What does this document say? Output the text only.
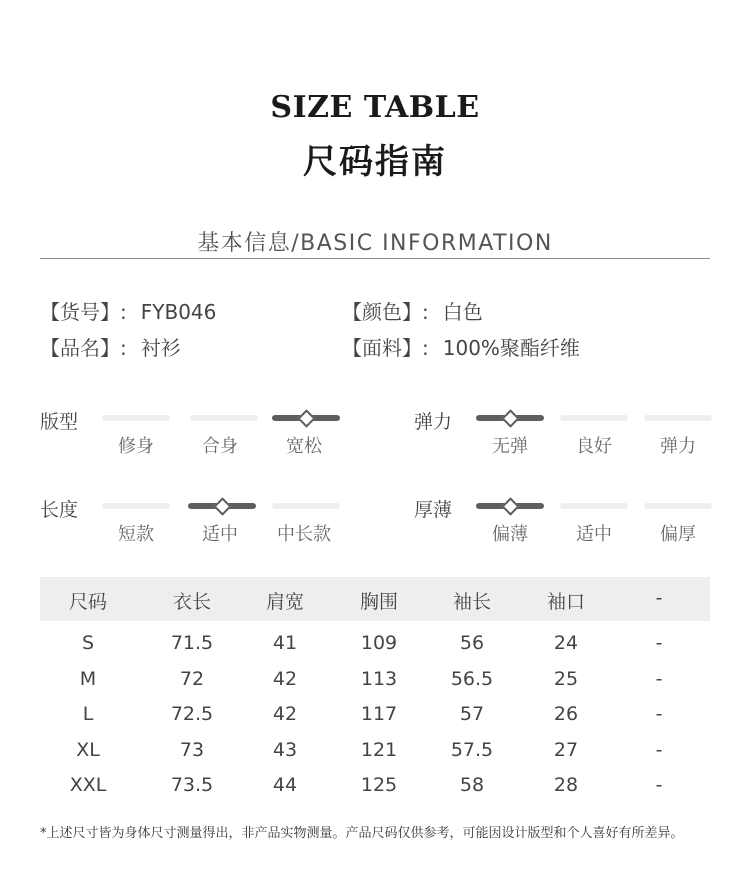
SIZE TABLE
尺码指南
基本信息/BASIC INFORMATION
【货号】: FYB046	【颜色】: 白色
【品名】: 衬衫	【面料】: 100%聚酯纤维
版型
修身	合身	宽松
弹力
无弹	良好	弹力
长度
短款	适中	中长款
厚薄
偏薄	适中	偏厚
尺码	衣长	肩宽	胸围	袖长	袖口	-
S	71.5	41	109	56	24	-
M	72	42	113	56.5	25	-
L	72.5	42	117	57	26	-
XL	73	43	121	57.5	27	-
XXL	73.5	44	125	58	28	-
*上述尺寸皆为身体尺寸测量得出，非产品实物测量。产品尺码仅供参考，可能因设计版型和个人喜好有所差异。
